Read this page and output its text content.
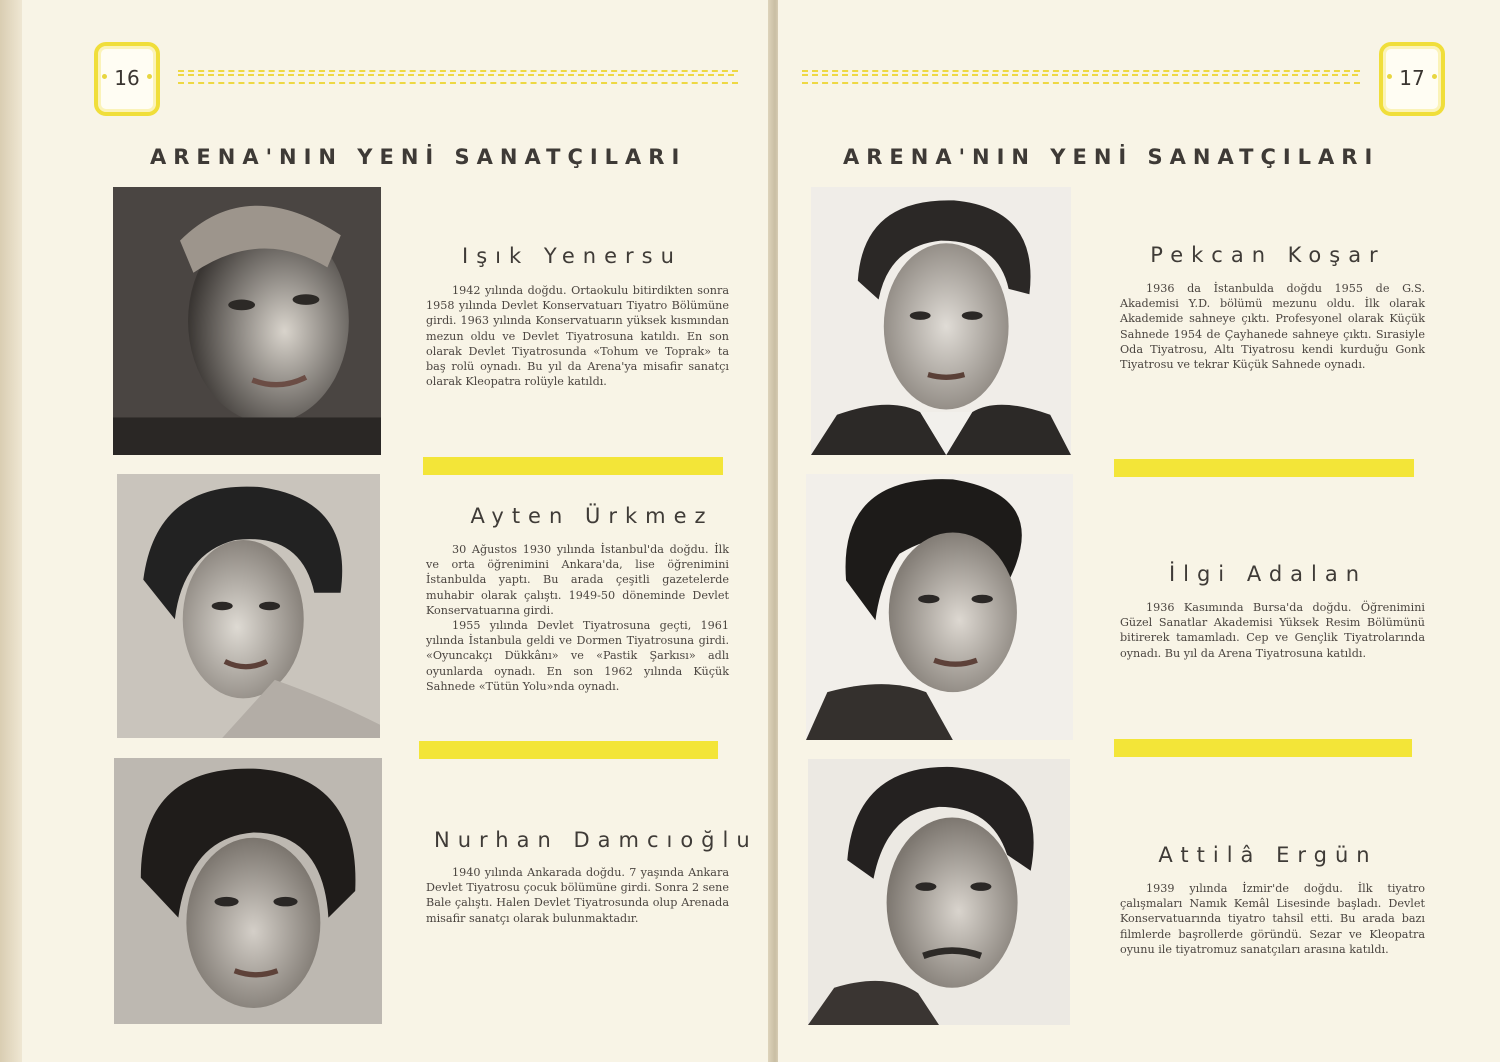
16
ARENA'NIN YENİ SANATÇILARI
Işık Yenersu

1942 yılında doğdu. Ortaokulu bitirdikten sonra 1958 yılında Devlet Konservatuarı Tiyatro Bölümüne girdi. 1963 yılında Konservatuarın yüksek kısmından mezun oldu ve Devlet Tiyatrosuna katıldı. En son olarak Devlet Tiyatrosunda «Tohum ve Toprak» ta baş rolü oynadı. Bu yıl da Arena'ya misafir sanatçı olarak Kleopatra rolüyle katıldı.

Ayten Ürkmez

30 Ağustos 1930 yılında İstanbul'da doğdu. İlk ve orta öğrenimini Ankara'da, lise öğrenimini İstanbulda yaptı. Bu arada çeşitli gazetelerde muhabir olarak çalıştı. 1949-50 döneminde Devlet Konservatuarına girdi.

1955 yılında Devlet Tiyatrosuna geçti, 1961 yılında İstanbula geldi ve Dormen Tiyatrosuna girdi. «Oyuncakçı Dükkânı» ve «Pastik Şarkısı» adlı oyunlarda oynadı. En son 1962 yılında Küçük Sahnede «Tütün Yolu»nda oynadı.

Nurhan Damcıoğlu

1940 yılında Ankarada doğdu. 7 yaşında Ankara Devlet Tiyatrosu çocuk bölümüne girdi. Sonra 2 sene Bale çalıştı. Halen Devlet Tiyatrosunda olup Arenada misafir sanatçı olarak bulunmaktadır.

17
ARENA'NIN YENİ SANATÇILARI
Pekcan Koşar

1936 da İstanbulda doğdu 1955 de G.S. Akademisi Y.D. bölümü mezunu oldu. İlk olarak Akademide sahneye çıktı. Profesyonel olarak Küçük Sahnede 1954 de Çayhanede sahneye çıktı. Sırasiyle Oda Tiyatrosu, Altı Tiyatrosu kendi kurduğu Gonk Tiyatrosu ve tekrar Küçük Sahnede oynadı.

İlgi Adalan

1936 Kasımında Bursa'da doğdu. Öğrenimini Güzel Sanatlar Akademisi Yüksek Resim Bölümünü bitirerek tamamladı. Cep ve Gençlik Tiyatrolarında oynadı. Bu yıl da Arena Tiyatrosuna katıldı.

Attilâ Ergün

1939 yılında İzmir'de doğdu. İlk tiyatro çalışmaları Namık Kemâl Lisesinde başladı. Devlet Konservatuarında tiyatro tahsil etti. Bu arada bazı filmlerde başrollerde göründü. Sezar ve Kleopatra oyunu ile tiyatromuz sanatçıları arasına katıldı.
